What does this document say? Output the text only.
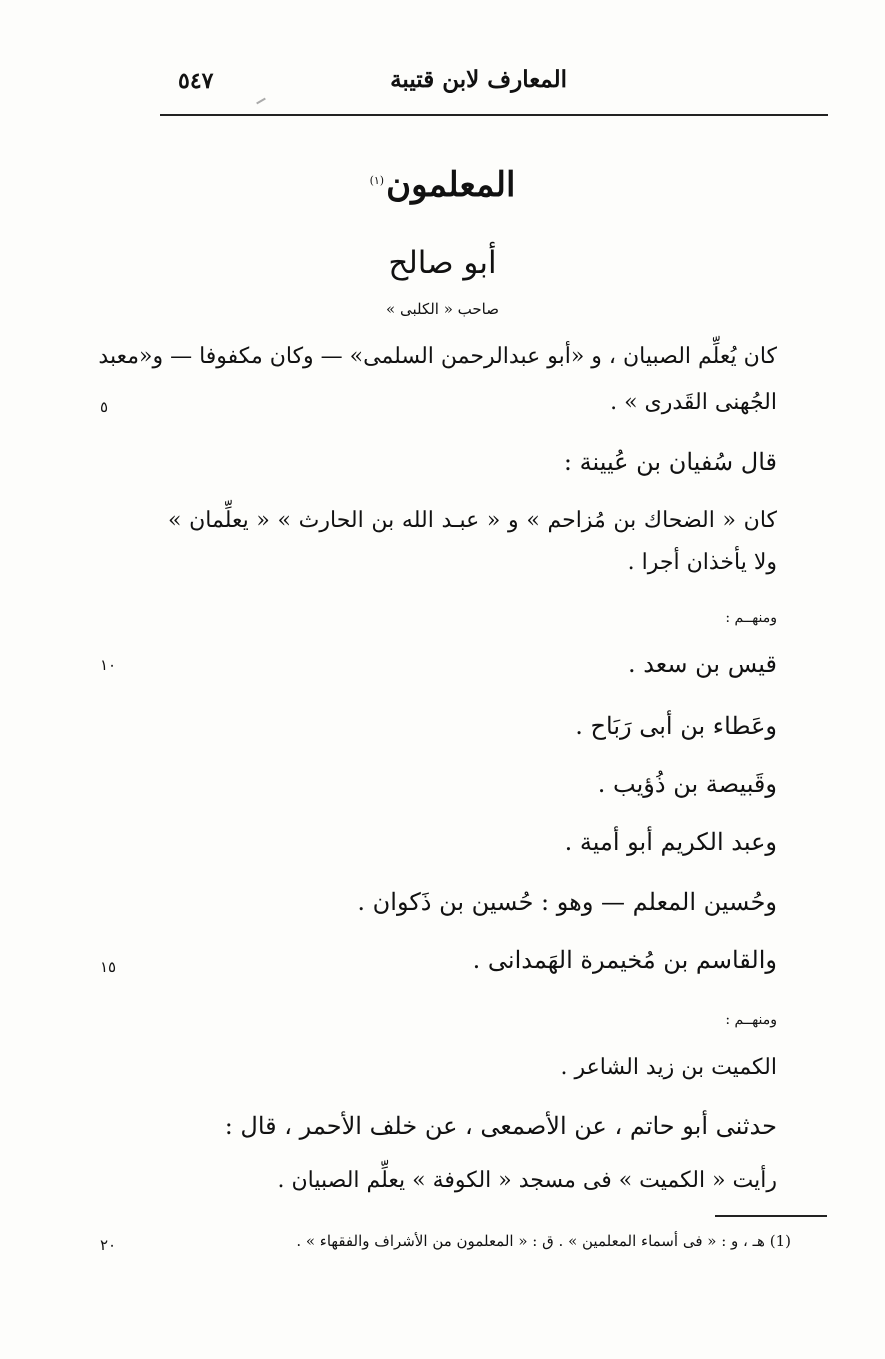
المعارف لابن قتيبة
٥٤٧
المعلمون$^{(١)}$
أبو صالح
صاحب « الكلبى »
كان يُعلِّم الصبيان ، و «أبو عبدالرحمن السلمى» — وكان مكفوفا — و«معبد
الجُهنى القَدرى » .
٥
قال سُفيان بن عُيينة :
كان « الضحاك بن مُزاحم » و « عبـد الله بن الحارث » « يعلِّمان »
ولا يأخذان أجرا .
ومنهــم :
قيس بن سعد .
١٠
وعَطاء بن أبى رَبَاح .
وقَبيصة بن ذُؤيب .
وعبد الكريم أبو أمية .
وحُسين المعلم — وهو : حُسين بن ذَكوان .
والقاسم بن مُخيمرة الهَمدانى .
١٥
ومنهــم :
الكميت بن زيد الشاعر .
حدثنى أبو حاتم ، عن الأصمعى ، عن خلف الأحمر ، قال :
رأيت « الكميت » فى مسجد « الكوفة » يعلِّم الصبيان .
(1) هـ ، و : « فى أسماء المعلمين » . ق : « المعلمون من الأشراف والفقهاء » .
٢٠
